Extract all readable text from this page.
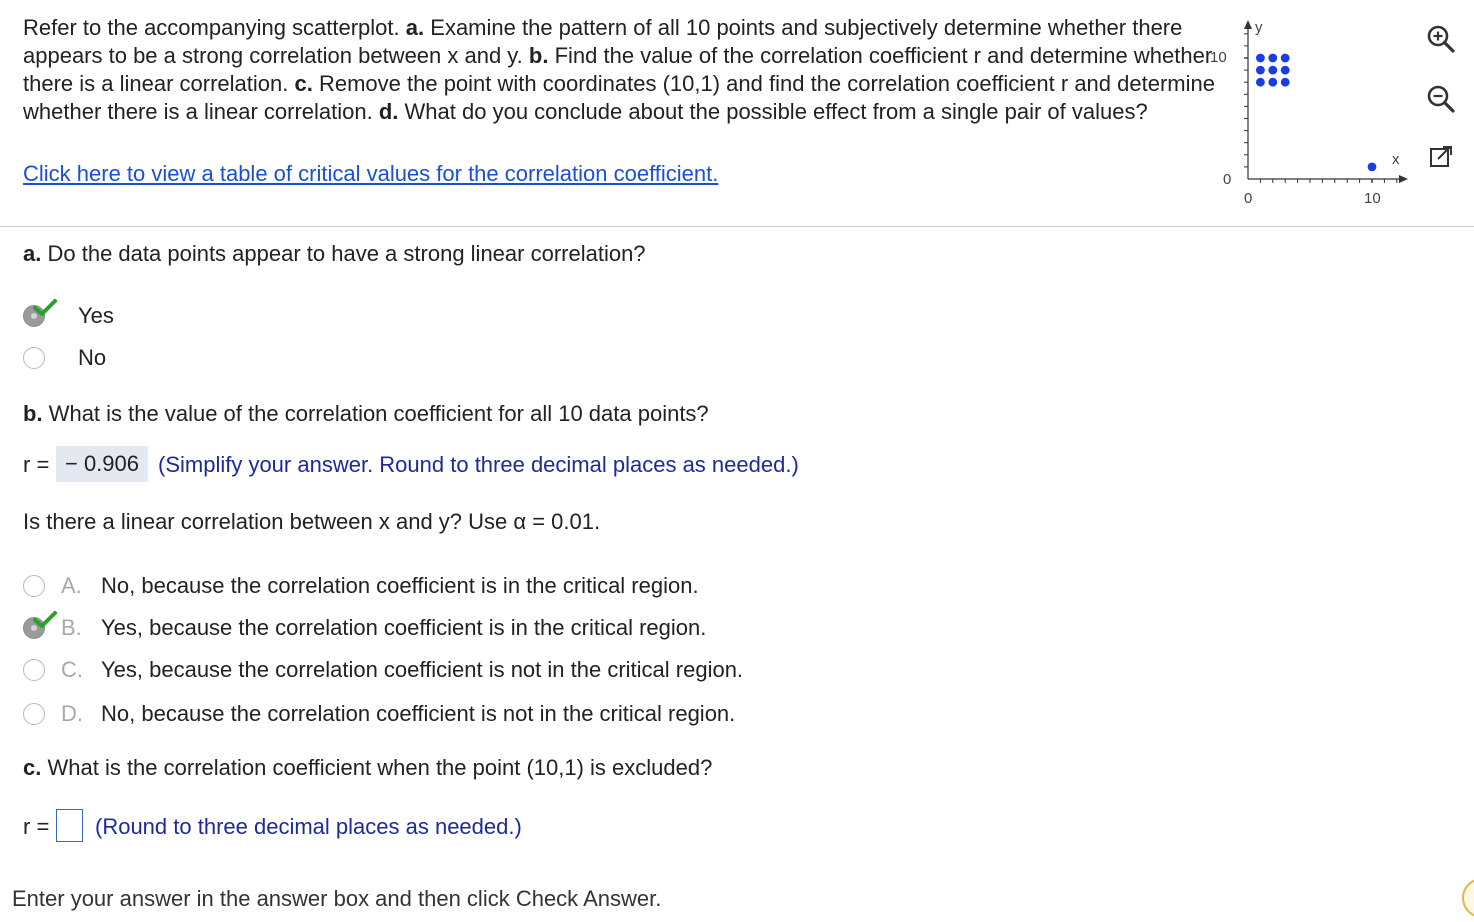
Refer to the accompanying scatterplot. a. Examine the pattern of all 10 points and subjectively determine whether there appears to be a strong correlation between x and y. b. Find the value of the correlation coefficient r and determine whether there is a linear correlation. c. Remove the point with coordinates (10,1) and find the correlation coefficient r and determine whether there is a linear correlation. d. What do you conclude about the possible effect from a single pair of values?
Click here to view a table of critical values for the correlation coefficient.
y
x
10
0
0	10
a. Do the data points appear to have a strong linear correlation?
Yes
No
b. What is the value of the correlation coefficient for all 10 data points?
r = − 0.906 (Simplify your answer. Round to three decimal places as needed.)
Is there a linear correlation between x and y? Use α = 0.01.
A. No, because the correlation coefficient is in the critical region.
B. Yes, because the correlation coefficient is in the critical region.
C. Yes, because the correlation coefficient is not in the critical region.
D. No, because the correlation coefficient is not in the critical region.
c. What is the correlation coefficient when the point (10,1) is excluded?
r = (Round to three decimal places as needed.)
Enter your answer in the answer box and then click Check Answer.
